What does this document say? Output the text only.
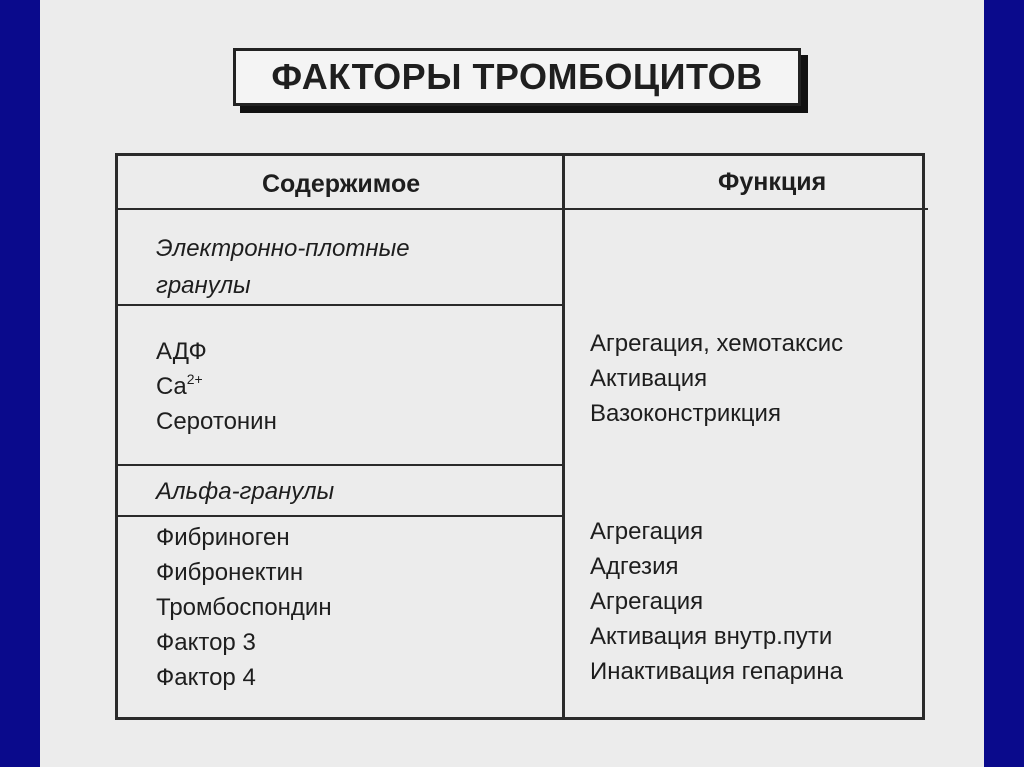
ФАКТОРЫ ТРОМБОЦИТОВ
Содержимое	Функция
Электронно-плотные гранулы
АДФ
$Ca^{2+}$
Серотонин
Агрегация, хемотаксис
Активация
Вазоконстрикция
Альфа-гранулы
Фибриноген
Фибронектин
Тромбоспондин
Фактор 3
Фактор 4
Агрегация
Адгезия
Агрегация
Активация внутр.пути
Инактивация гепарина
